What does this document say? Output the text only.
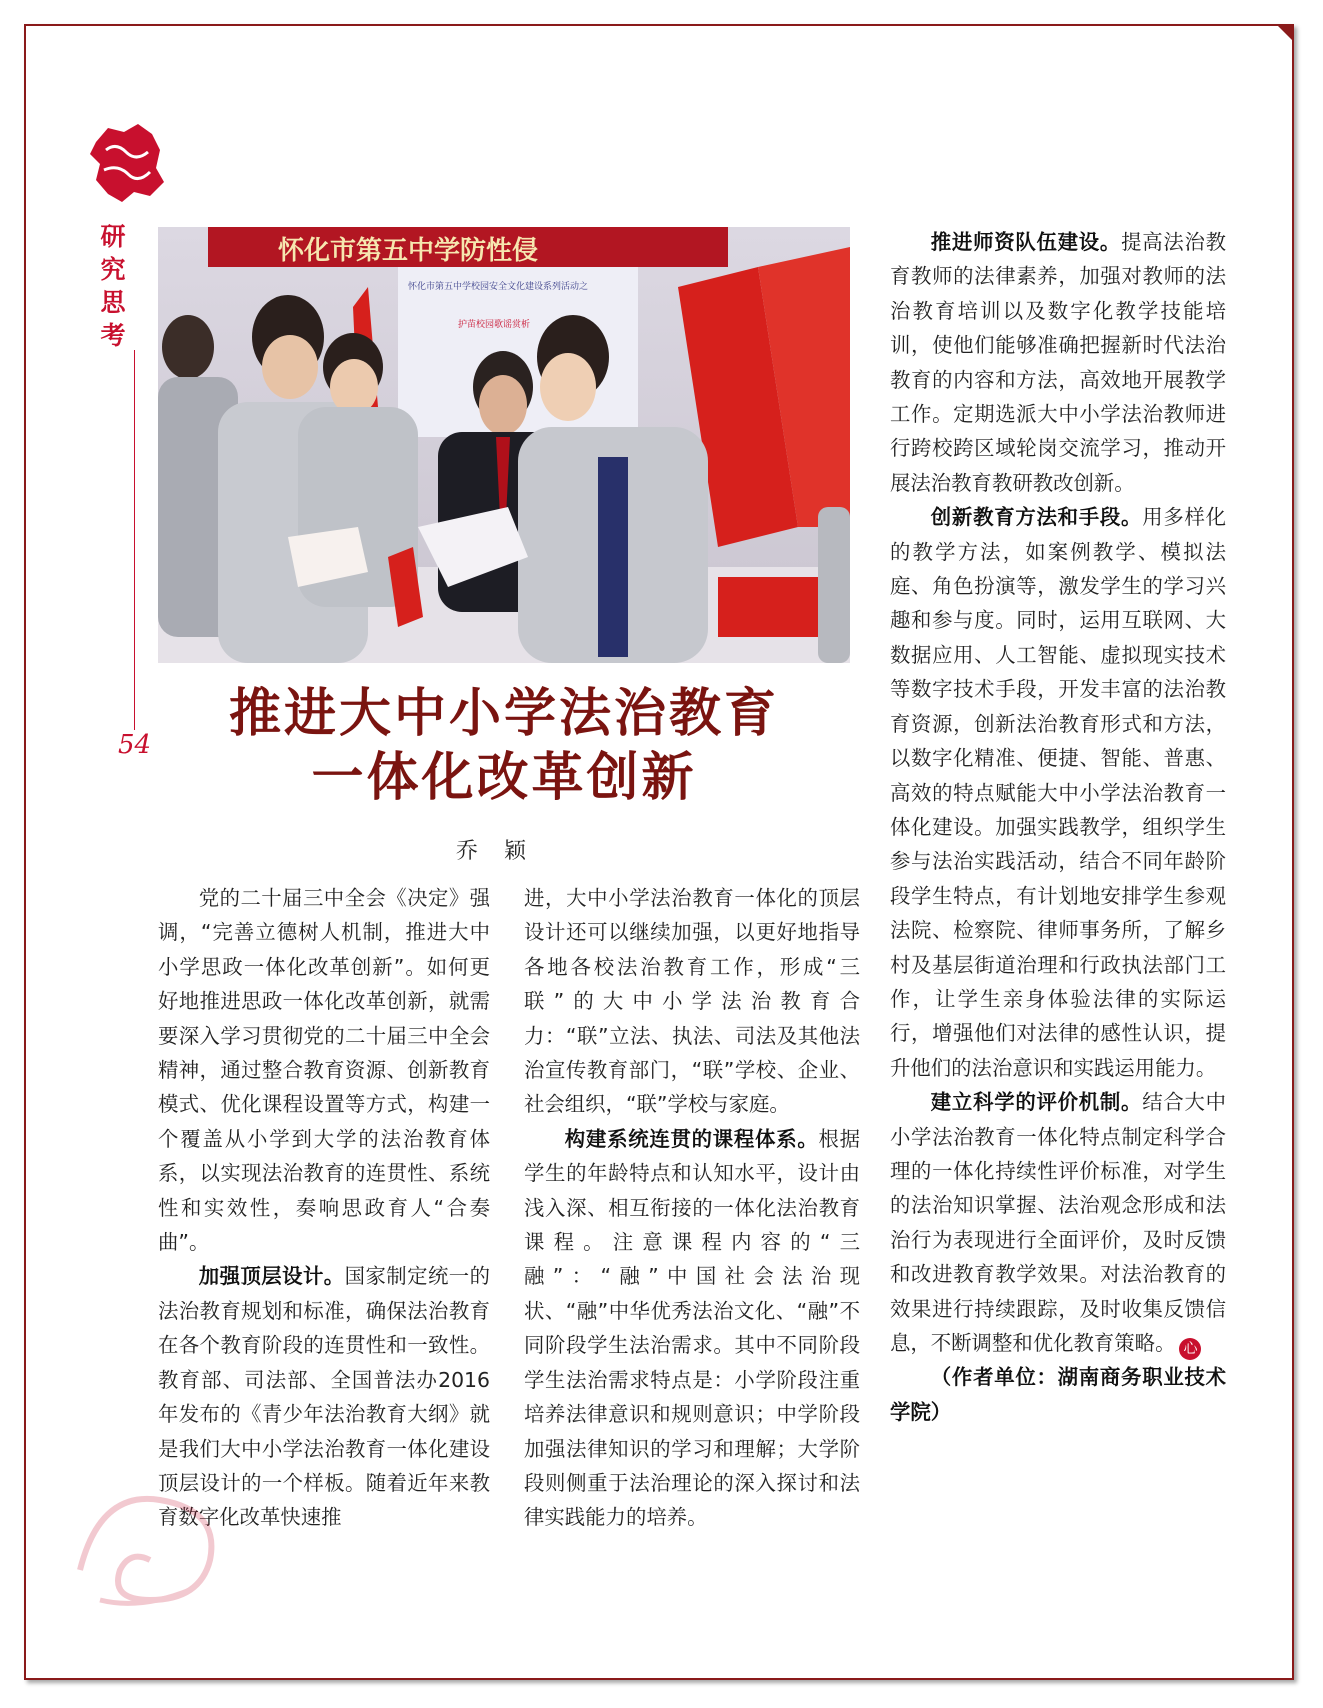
研究思考
54
怀化市第五中学防性侵
怀化市第五中学校园安全文化建设系列活动之
护苗校园歌谣赏析
推进大中小学法治教育
一体化改革创新
乔颖

党的二十届三中全会《决定》强调，“完善立德树人机制，推进大中小学思政一体化改革创新”。如何更好地推进思政一体化改革创新，就需要深入学习贯彻党的二十届三中全会精神，通过整合教育资源、创新教育模式、优化课程设置等方式，构建一个覆盖从小学到大学的法治教育体系，以实现法治教育的连贯性、系统性和实效性，奏响思政育人“合奏曲”。

加强顶层设计。国家制定统一的法治教育规划和标准，确保法治教育在各个教育阶段的连贯性和一致性。教育部、司法部、全国普法办2016年发布的《青少年法治教育大纲》就是我们大中小学法治教育一体化建设顶层设计的一个样板。随着近年来教育数字化改革快速推

进，大中小学法治教育一体化的顶层设计还可以继续加强，以更好地指导各地各校法治教育工作，形成“三联”的大中小学法治教育合力：“联”立法、执法、司法及其他法治宣传教育部门，“联”学校、企业、社会组织，“联”学校与家庭。

构建系统连贯的课程体系。根据学生的年龄特点和认知水平，设计由浅入深、相互衔接的一体化法治教育课程。注意课程内容的“三融”：“融”中国社会法治现状、“融”中华优秀法治文化、“融”不同阶段学生法治需求。其中不同阶段学生法治需求特点是：小学阶段注重培养法律意识和规则意识；中学阶段加强法律知识的学习和理解；大学阶段则侧重于法治理论的深入探讨和法律实践能力的培养。

推进师资队伍建设。提高法治教育教师的法律素养，加强对教师的法治教育培训以及数字化教学技能培训，使他们能够准确把握新时代法治教育的内容和方法，高效地开展教学工作。定期选派大中小学法治教师进行跨校跨区域轮岗交流学习，推动开展法治教育教研教改创新。

创新教育方法和手段。用多样化的教学方法，如案例教学、模拟法庭、角色扮演等，激发学生的学习兴趣和参与度。同时，运用互联网、大数据应用、人工智能、虚拟现实技术等数字技术手段，开发丰富的法治教育资源，创新法治教育形式和方法，以数字化精准、便捷、智能、普惠、高效的特点赋能大中小学法治教育一体化建设。加强实践教学，组织学生参与法治实践活动，结合不同年龄阶段学生特点，有计划地安排学生参观法院、检察院、律师事务所，了解乡村及基层街道治理和行政执法部门工作，让学生亲身体验法律的实际运行，增强他们对法律的感性认识，提升他们的法治意识和实践运用能力。

建立科学的评价机制。结合大中小学法治教育一体化特点制定科学合理的一体化持续性评价标准，对学生的法治知识掌握、法治观念形成和法治行为表现进行全面评价，及时反馈和改进教育教学效果。对法治教育的效果进行持续跟踪，及时收集反馈信息，不断调整和优化教育策略。 心

（作者单位：湖南商务职业技术学院）
